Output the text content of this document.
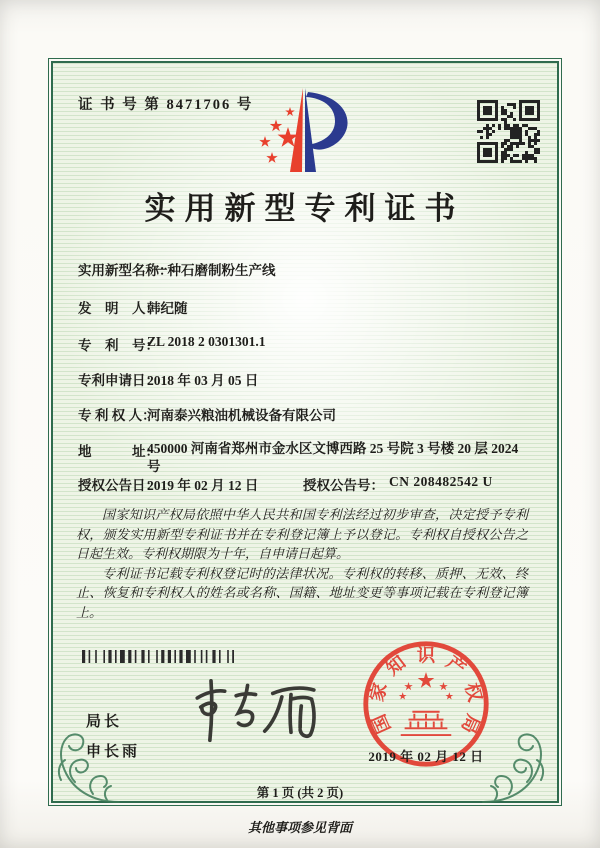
证 书 号 第 8471706 号
实用新型专利证书
实用新型名称：
一种石磨制粉生产线
发　明　人：
韩纪随
专　利　号：
ZL 2018 2 0301301.1
专利申请日：
2018 年 03 月 05 日
专 利 权 人：
河南泰兴粮油机械设备有限公司
地　　　址：
450000 河南省郑州市金水区文博西路 25 号院 3 号楼 20 层 2024 号
授权公告日：
2019 年 02 月 12 日	授权公告号： CN 208482542 U

国家知识产权局依照中华人民共和国专利法经过初步审查，决定授予专利权，颁发实用新型专利证书并在专利登记簿上予以登记。专利权自授权公告之日起生效。专利权期限为十年，自申请日起算。

专利证书记载专利权登记时的法律状况。专利权的转移、质押、无效、终止、恢复和专利权人的姓名或名称、国籍、地址变更等事项记载在专利登记簿上。

局长
申长雨
国
家
知 识 产
权
局
2019 年 02 月 12 日
第 1 页 (共 2 页)
其他事项参见背面
